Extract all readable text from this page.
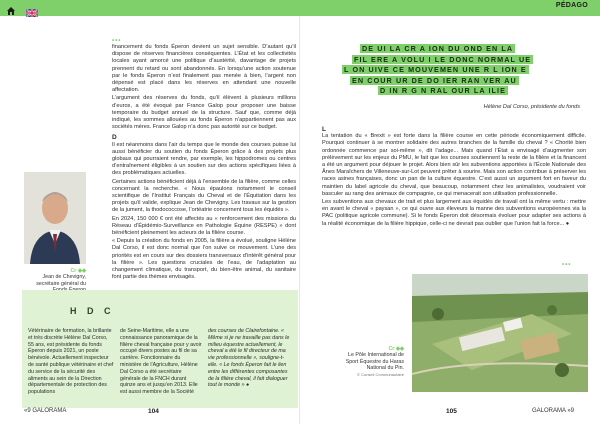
PÉDAGO
•••

financement du fonds Éperon devient un sujet sensible. D’autant qu’il dispose de réserves financières conséquentes. L’État et les collectivités locales ayant amorcé une politique d’austérité, davantage de projets prennent du retard ou sont abandonnés. En lorsqu’une action soutenue par le fonds Éperon n’est finalement pas menée à bien, l’argent non dépensé est placé dans les réserves en attendant une nouvelle affectation.

L’argument des réserves du fonds, qu’il élèvent à plusieurs millions d’euros, a été évoqué par France Galop pour proposer une baisse temporaire du budget annuel de la structure. Sauf que, comme déjà indiqué, les sommes allouées au fonds Éperon n’appartiennent pas aux sociétés mères. France Galop n’a donc pas autorité sur ce budget.

D

Il est néanmoins dans l’air du temps que le monde des courses puisse lui aussi bénéficier du soutien du fonds Éperon grâce à des projets plus globaux qui pourraient rendre, par exemple, les hippodromes ou centres d’entraînement éligibles à un soutien sur des actions spécifiques liées à des problématiques actuelles.

Certaines actions bénéficient déjà à l’ensemble de la filière, comme celles concernant la recherche. « Nous épaulons notamment le conseil scientifique de l’Institut Français du Cheval et de l’Équitation dans les projets qu’il valide, explique Jean de Chevigny. Les travaux sur la gestion de la jument, la thodococcose, l’ortéatrie concernent tous les équidés ».

En 2024, 150 000 € ont été affectés au « renforcement des missions du Réseau d’Épidémio-Surveillance en Pathologie Équine (RESPE) » dont bénéficient pleinement les acteurs de la filière course.

« Depuis la création du fonds en 2005, la filière a évolué, souligne Hélène Dal Corso, il est donc normal que l’on suive ce mouvement. L’une des priorités est en cours sur des dossiers transversaux d’intérêt général pour la filière ». Les questions cruciales de l’eau, de l’adaptation au changement climatique, du transport, du bien-être animal, du sanitaire font partie des thèmes envisagés.

Cr ◆◆
Jean de Chevigny, secrétaire général du
H D C
Vétérinaire de formation, la brillante et très discrète Hélène Dal Corso, 55 ans, est présidente du fonds Éperon depuis 2021, un poste bénévole. Actuellement inspecteur de santé publique vétérinaire et chef du service de la sécurité des aliments au sein de la Direction départementale de protection des populations
de Seine-Maritime, elle a une connaissance panoramique de la filière cheval française pour y avoir occupé divers postes au fil de sa carrière. Fonctionnaire du ministère de l’Agriculture, Hélène Dal Corso a été secrétaire générale de la FNCH durant quinze ans et jusqu’en 2013. Elle est aussi membre de la Société
des courses de Clairefontaine. « Même si je ne travaille pas dans le milieu équestre actuellement, le cheval a été le fil directeur de ma vie professionnelle », souligne-t-elle. « Le fonds Éperon fait le lien entre les différentes composantes de la filière cheval, il fait dialoguer tout le monde » ●
«9 GALORAMA	104
DE UI LA CR A ION DU OND EN LA
FIL ERE A VOLU I LE DONC NORMAL UE
L ON UIVE CE MOUVEMEN UNE R L ION E
EN COUR UR DE DO IER RAN VER AU
D IN R G N RAL OUR LA ILIE
Hélène Dal Corso, présidente du fonds
L

La tentation du « Brexit » est forte dans la filière course en cette période économiquement difficile. Pourquoi continuer à se montrer solidaire des autres branches de la famille du cheval ? « Chorité bien ordonnée commence par soi-même », dit l’adage... Mais quand l’État a envisagé d’augmenter son prélèvement sur les enjeux du PMU, le fait que les courses soutiennent la reste de la filière et la financent a été un argument pour déjouer le projet. Alors bien sûr les subventions apportées à l’École Nationale des Ânes Maraîchers de Villeneuve-sur-Lot peuvent prêter à sourire. Mais son action contribue à préserver les races asines françaises, donc un pan de la culture équestre. C’est aussi un argument fort en faveur du maintien du label agricole du cheval, que beaucoup, notamment chez les animalistes, voudraient voir basculer au rang des animaux de compagnie, ce qui menacerait son utilisation professionnelle.

Les subventions aux chevaux de trait et plus largement aux équidés de travail ont la même vertu : mettre en avant le cheval « paysan », ce qui ouvre aux éleveurs la manne des subventions européennes via la PAC (politique agricole commune). Si le fonds Éperon doit désormais évoluer pour adapter ses actions à la réalité économique de la filière hippique, celle-ci ne devrait pas oublier que l’union fait la force... ●

•••
Cr ◆◆
Le Pôle International de Sport Équestre du Haras National du Pin.
© Conseil Communautaire
105	GALORAMA »9
